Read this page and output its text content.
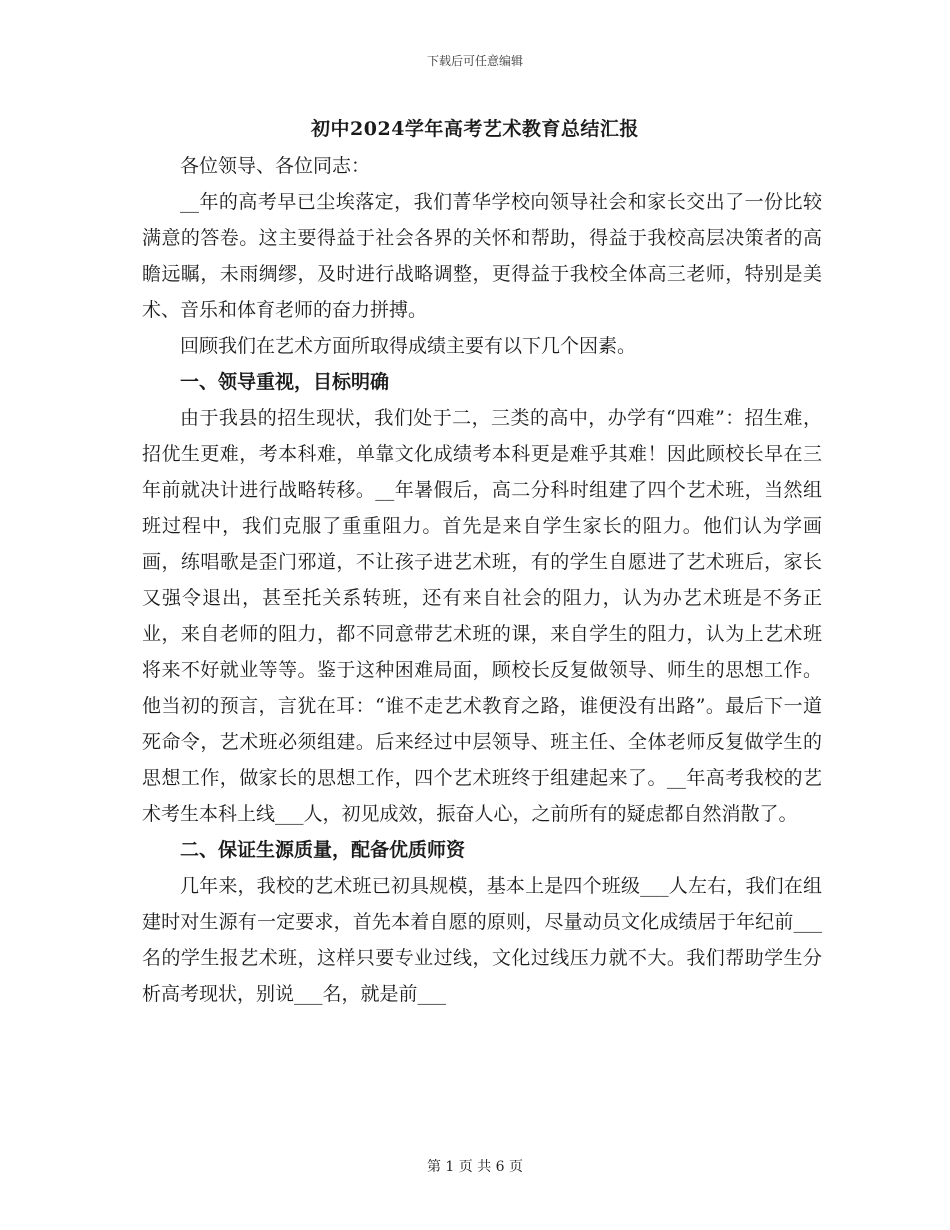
下载后可任意编辑
初中2024学年高考艺术教育总结汇报

各位领导、各位同志：

__年的高考早已尘埃落定，我们菁华学校向领导社会和家长交出了一份比较满意的答卷。这主要得益于社会各界的关怀和帮助，得益于我校高层决策者的高瞻远瞩，未雨绸缪，及时进行战略调整，更得益于我校全体高三老师，特别是美术、音乐和体育老师的奋力拼搏。

回顾我们在艺术方面所取得成绩主要有以下几个因素。

一、领导重视，目标明确

由于我县的招生现状，我们处于二，三类的高中，办学有“四难”：招生难，招优生更难，考本科难，单靠文化成绩考本科更是难乎其难！因此顾校长早在三年前就决计进行战略转移。__年暑假后，高二分科时组建了四个艺术班，当然组班过程中，我们克服了重重阻力。首先是来自学生家长的阻力。他们认为学画画，练唱歌是歪门邪道，不让孩子进艺术班，有的学生自愿进了艺术班后，家长又强令退出，甚至托关系转班，还有来自社会的阻力，认为办艺术班是不务正业，来自老师的阻力，都不同意带艺术班的课，来自学生的阻力，认为上艺术班将来不好就业等等。鉴于这种困难局面，顾校长反复做领导、师生的思想工作。他当初的预言，言犹在耳：“谁不走艺术教育之路，谁便没有出路”。最后下一道死命令，艺术班必须组建。后来经过中层领导、班主任、全体老师反复做学生的思想工作，做家长的思想工作，四个艺术班终于组建起来了。__年高考我校的艺术考生本科上线___人，初见成效，振奋人心，之前所有的疑虑都自然消散了。

二、保证生源质量，配备优质师资

几年来，我校的艺术班已初具规模，基本上是四个班级___人左右，我们在组建时对生源有一定要求，首先本着自愿的原则，尽量动员文化成绩居于年纪前___名的学生报艺术班，这样只要专业过线，文化过线压力就不大。我们帮助学生分析高考现状，别说___名，就是前___

第 1 页 共 6 页
